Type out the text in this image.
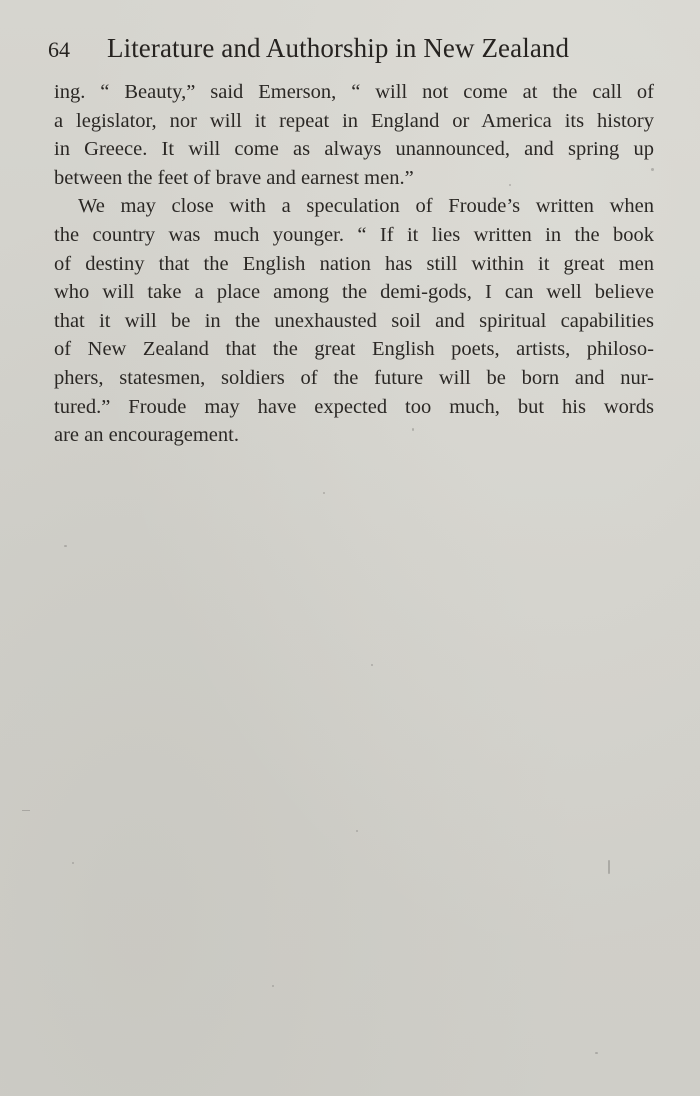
64	Literature and Authorship in New Zealand
ing. “ Beauty,” said Emerson, “ will not come at the call of
a legislator, nor will it repeat in England or America its history
in Greece. It will come as always unannounced, and spring up
between the feet of brave and earnest men.”
We may close with a speculation of Froude’s written when
the country was much younger. “ If it lies written in the book
of destiny that the English nation has still within it great men
who will take a place among the demi-gods, I can well believe
that it will be in the unexhausted soil and spiritual capabilities
of New Zealand that the great English poets, artists, philoso-
phers, statesmen, soldiers of the future will be born and nur-
tured.” Froude may have expected too much, but his words
are an encouragement.
